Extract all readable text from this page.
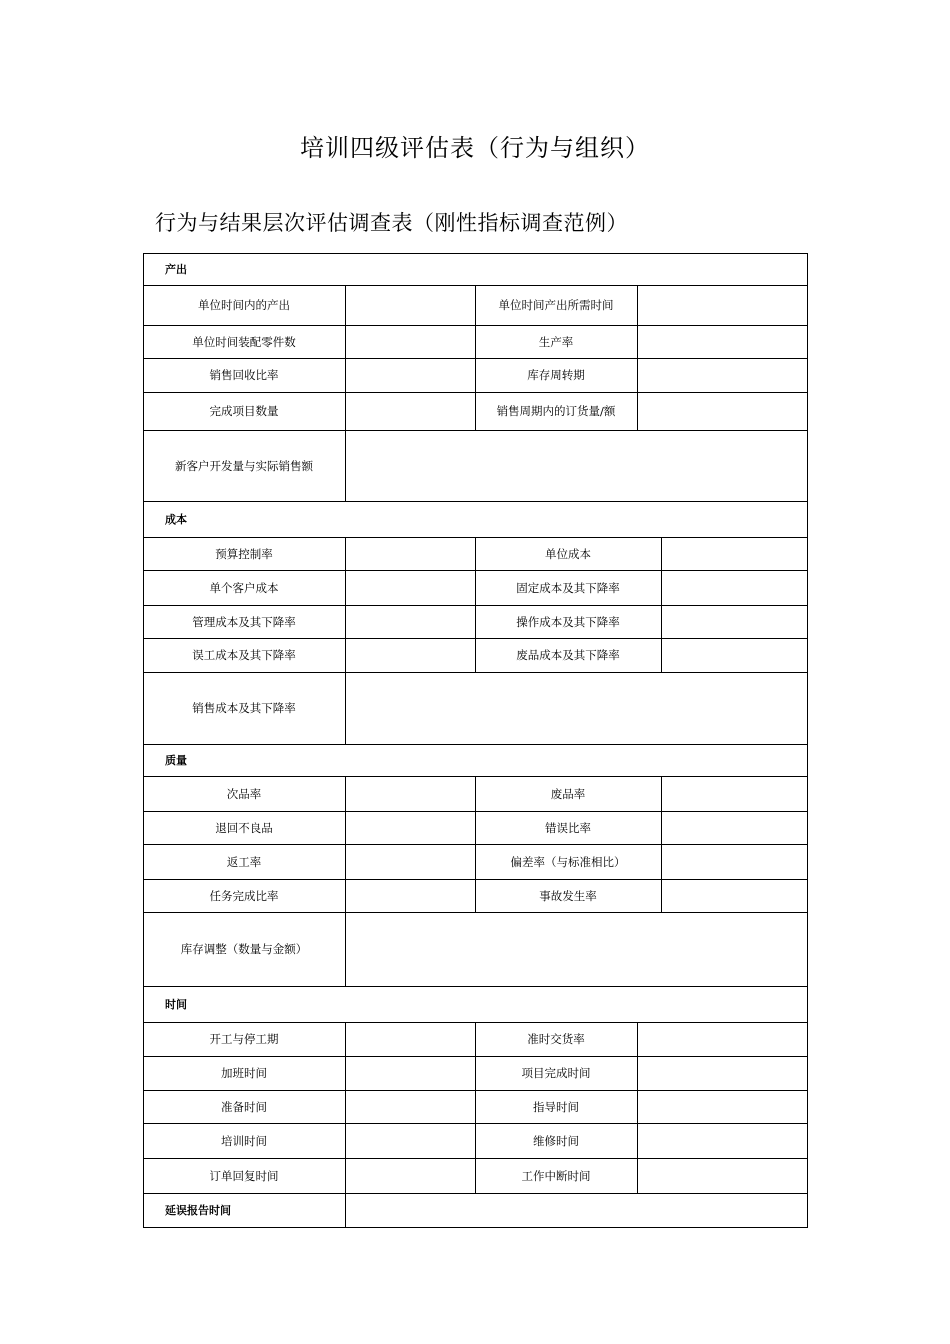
培训四级评估表（行为与组织）
行为与结果层次评估调查表（刚性指标调查范例）
产出
单位时间内的产出	单位时间产出所需时间
单位时间装配零件数	生产率
销售回收比率	库存周转期
完成项目数量	销售周期内的订货量/额
新客户开发量与实际销售额
成本
预算控制率	单位成本
单个客户成本	固定成本及其下降率
管理成本及其下降率	操作成本及其下降率
误工成本及其下降率	废品成本及其下降率
销售成本及其下降率
质量
次品率	废品率
退回不良品	错误比率
返工率	偏差率（与标准相比）
任务完成比率	事故发生率
库存调整（数量与金额）
时间
开工与停工期	准时交货率
加班时间	项目完成时间
准备时间	指导时间
培训时间	维修时间
订单回复时间	工作中断时间
延误报告时间
